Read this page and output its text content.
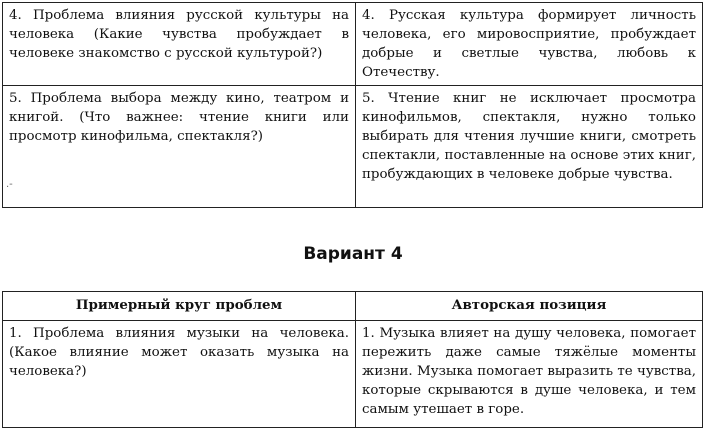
4. Проблема влияния русской культуры на человека (Какие чувства пробуждает в человеке знакомство с русской культурой?)	4. Русская культура формирует личность человека, его мировосприятие, пробуждает добрые и светлые чувства, любовь к Отечеству.
5. Проблема выбора между кино, театром и книгой. (Что важнее: чтение книги или просмотр кинофильма, спектакля?)	5. Чтение книг не исключает просмотра кинофильмов, спектакля, нужно только выбирать для чтения лучшие книги, смотреть спектакли, поставленные на основе этих книг, пробуждающих в человеке добрые чувства.
.-
Вариант 4
Примерный круг проблем	Авторская позиция
1. Проблема влияния музыки на человека. (Какое влияние может оказать музыка на человека?)	1. Музыка влияет на душу человека, помогает пережить даже самые тяжёлые моменты жизни. Музыка помогает выразить те чувства, которые скрываются в душе человека, и тем самым утешает в горе.
